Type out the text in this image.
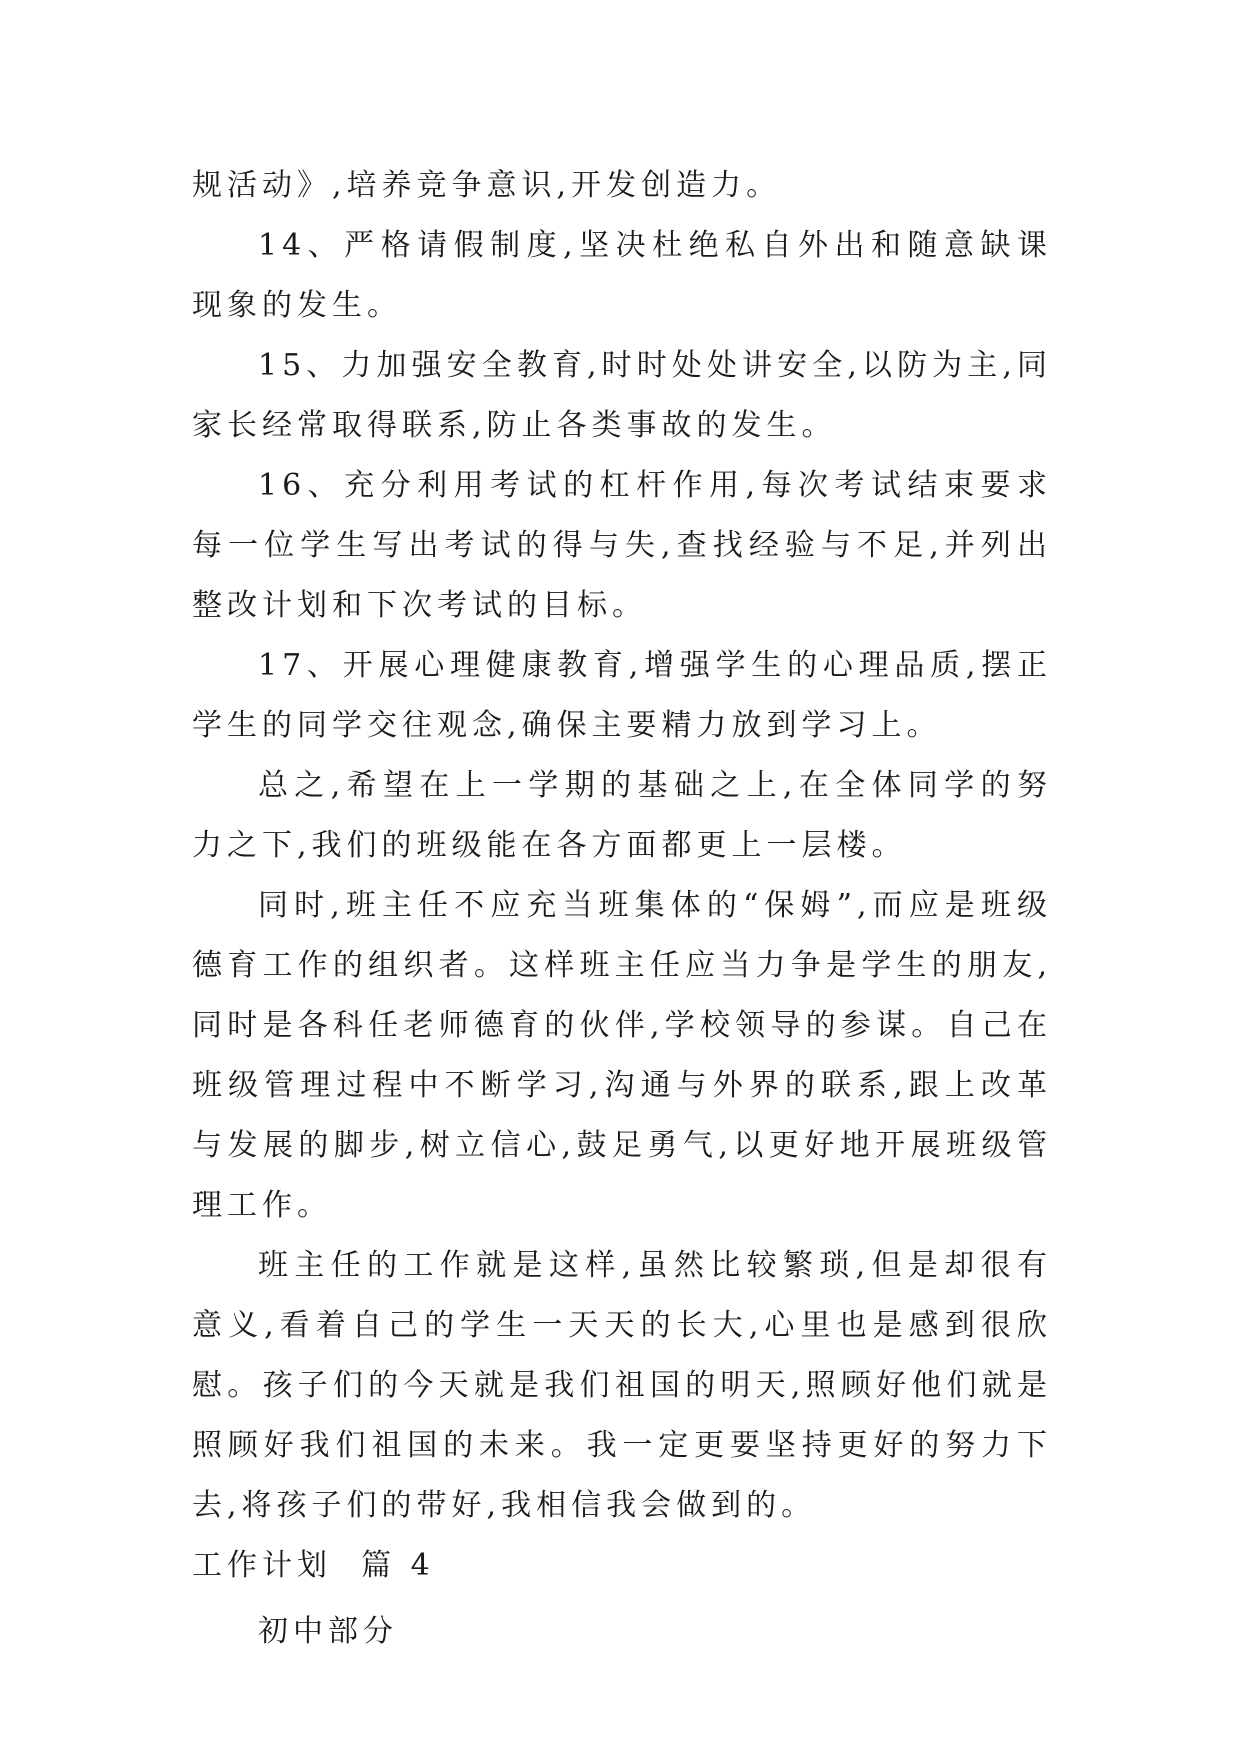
规活动》,培养竞争意识,开发创造力。

14、严格请假制度,坚决杜绝私自外出和随意缺课现象的发生。

15、力加强安全教育,时时处处讲安全,以防为主,同家长经常取得联系,防止各类事故的发生。

16、充分利用考试的杠杆作用,每次考试结束要求每一位学生写出考试的得与失,查找经验与不足,并列出整改计划和下次考试的目标。

17、开展心理健康教育,增强学生的心理品质,摆正学生的同学交往观念,确保主要精力放到学习上。

总之,希望在上一学期的基础之上,在全体同学的努力之下,我们的班级能在各方面都更上一层楼。

同时,班主任不应充当班集体的“保姆”,而应是班级德育工作的组织者。这样班主任应当力争是学生的朋友,同时是各科任老师德育的伙伴,学校领导的参谋。自己在班级管理过程中不断学习,沟通与外界的联系,跟上改革与发展的脚步,树立信心,鼓足勇气,以更好地开展班级管理工作。

班主任的工作就是这样,虽然比较繁琐,但是却很有意义,看着自己的学生一天天的长大,心里也是感到很欣慰。孩子们的今天就是我们祖国的明天,照顾好他们就是照顾好我们祖国的未来。我一定更要坚持更好的努力下去,将孩子们的带好,我相信我会做到的。

工作计划  篇 4

初中部分
